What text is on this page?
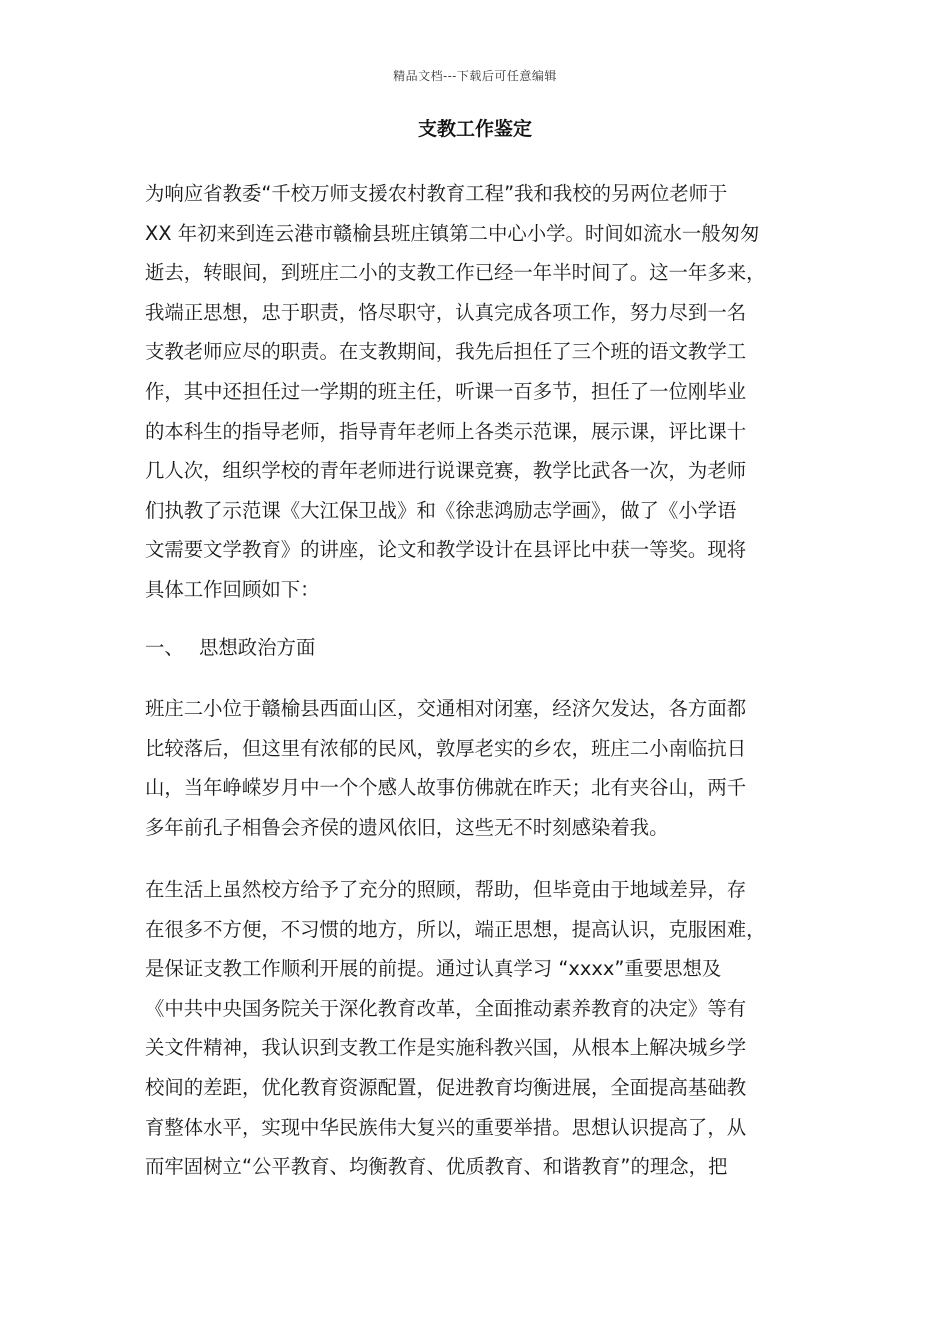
精品文档---下载后可任意编辑
支教工作鉴定
为响应省教委“千校万师支援农村教育工程”我和我校的另两位老师于
XX 年初来到连云港市赣榆县班庄镇第二中心小学。时间如流水一般匆匆
逝去，转眼间，到班庄二小的支教工作已经一年半时间了。这一年多来，
我端正思想，忠于职责，恪尽职守，认真完成各项工作，努力尽到一名
支教老师应尽的职责。在支教期间，我先后担任了三个班的语文教学工
作，其中还担任过一学期的班主任，听课一百多节，担任了一位刚毕业
的本科生的指导老师，指导青年老师上各类示范课，展示课，评比课十
几人次，组织学校的青年老师进行说课竞赛，教学比武各一次，为老师
们执教了示范课《大江保卫战》和《徐悲鸿励志学画》，做了《小学语
文需要文学教育》的讲座，论文和教学设计在县评比中获一等奖。现将
具体工作回顾如下：
一、 思想政治方面
班庄二小位于赣榆县西面山区，交通相对闭塞，经济欠发达，各方面都
比较落后，但这里有浓郁的民风，敦厚老实的乡农，班庄二小南临抗日
山，当年峥嵘岁月中一个个感人故事仿佛就在昨天；北有夹谷山，两千
多年前孔子相鲁会齐侯的遗风依旧，这些无不时刻感染着我。
在生活上虽然校方给予了充分的照顾，帮助，但毕竟由于地域差异，存
在很多不方便，不习惯的地方，所以，端正思想，提高认识，克服困难，
是保证支教工作顺利开展的前提。通过认真学习 “xxxx”重要思想及
《中共中央国务院关于深化教育改革，全面推动素养教育的决定》等有
关文件精神，我认识到支教工作是实施科教兴国，从根本上解决城乡学
校间的差距，优化教育资源配置，促进教育均衡进展，全面提高基础教
育整体水平，实现中华民族伟大复兴的重要举措。思想认识提高了，从
而牢固树立“公平教育、均衡教育、优质教育、和谐教育”的理念，把
